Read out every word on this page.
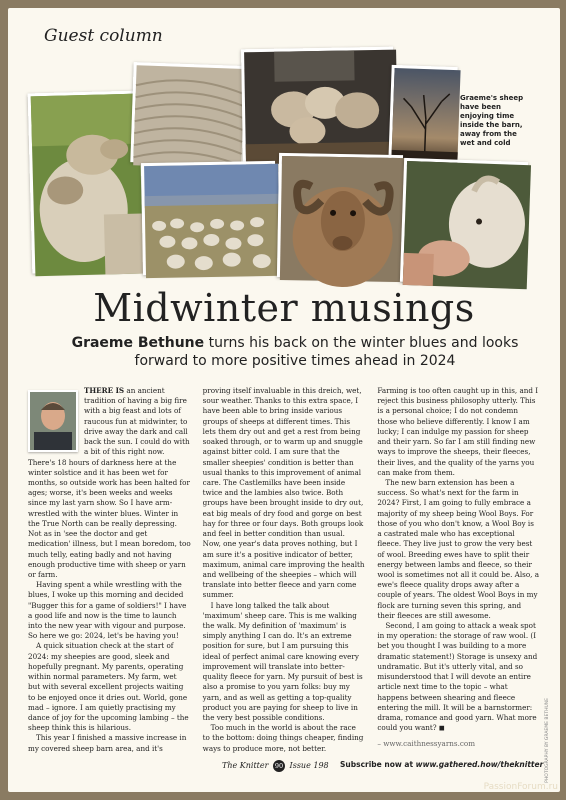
Guest column
Graeme's sheep have been enjoying time inside the barn, away from the wet and cold
Midwinter musings
Graeme Bethune turns his back on the winter blues and looks forward to more positive times ahead in 2024

THERE IS an ancient tradition of having a big fire with a big feast and lots of raucous fun at midwinter, to drive away the dark and call back the sun. I could do with a bit of this right now. There's 18 hours of darkness here at the winter solstice and it has been wet for months, so outside work has been halted for ages; worse, it's been weeks and weeks since my last yarn show. So I have arm-wrestled with the winter blues. Winter in the True North can be really depressing. Not as in 'see the doctor and get medication' illness, but I mean boredom, too much telly, eating badly and not having enough productive time with sheep or yarn or farm.

Having spent a while wrestling with the blues, I woke up this morning and decided "Bugger this for a game of soldiers!" I have a good life and now is the time to launch into the new year with vigour and purpose. So here we go: 2024, let's be having you!

A quick situation check at the start of 2024: my sheepies are good, sleek and hopefully pregnant. My parents, operating within normal parameters. My farm, wet but with several excellent projects waiting to be enjoyed once it dries out. World, gone mad – ignore. I am quietly practising my dance of joy for the upcoming lambing – the sheep think this is hilarious.

This year I finished a massive increase in my covered sheep barn area, and it's

proving itself invaluable in this dreich, wet, sour weather. Thanks to this extra space, I have been able to bring inside various groups of sheeps at different times. This lets them dry out and get a rest from being soaked through, or to warm up and snuggle against bitter cold. I am sure that the smaller sheepies' condition is better than usual thanks to this improvement of animal care. The Castlemilks have been inside twice and the lambies also twice. Both groups have been brought inside to dry out, eat big meals of dry food and gorge on best hay for three or four days. Both groups look and feel in better condition than usual. Now, one year's data proves nothing, but I am sure it's a positive indicator of better, maximum, animal care improving the health and wellbeing of the sheepies – which will translate into better fleece and yarn come summer.

I have long talked the talk about 'maximum' sheep care. This is me walking the walk. My definition of 'maximum' is simply anything I can do. It's an extreme position for sure, but I am pursuing this ideal of perfect animal care knowing every improvement will translate into better-quality fleece for yarn. My pursuit of best is also a promise to you yarn folks: buy my yarn, and as well as getting a top-quality product you are paying for sheep to live in the very best possible conditions.

Too much in the world is about the race to the bottom: doing things cheaper, finding ways to produce more, not better.

Farming is too often caught up in this, and I reject this business philosophy utterly. This is a personal choice; I do not condemn those who believe differently. I know I am lucky; I can indulge my passion for sheep and their yarn. So far I am still finding new ways to improve the sheeps, their fleeces, their lives, and the quality of the yarns you can make from them.

The new barn extension has been a success. So what's next for the farm in 2024? First, I am going to fully embrace a majority of my sheep being Wool Boys. For those of you who don't know, a Wool Boy is a castrated male who has exceptional fleece. They live just to grow the very best of wool. Breeding ewes have to split their energy between lambs and fleece, so their wool is sometimes not all it could be. Also, a ewe's fleece quality drops away after a couple of years. The oldest Wool Boys in my flock are turning seven this spring, and their fleeces are still awesome.

Second, I am going to attack a weak spot in my operation: the storage of raw wool. (I bet you thought I was building to a more dramatic statement!) Storage is unsexy and undramatic. But it's utterly vital, and so misunderstood that I will devote an entire article next time to the topic – what happens between shearing and fleece entering the mill. It will be a barnstormer: drama, romance and good yarn. What more could you want? ◼

– www.caithnessyarns.com	PHOTOGRAPHY BY GRAEME BETHUNE
The Knitter 90 Issue 198 Subscribe now at www.gathered.how/theknitter
PassionForum.ru
